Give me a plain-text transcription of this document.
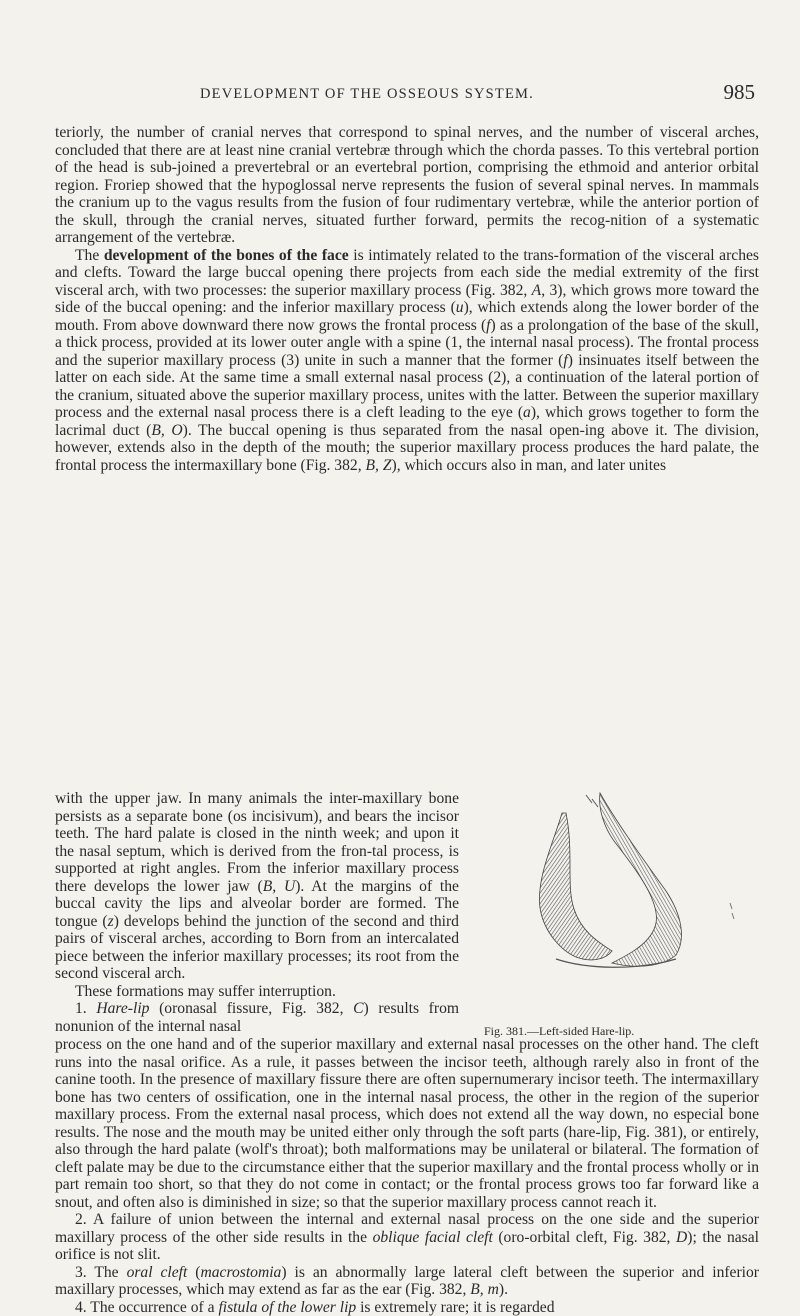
DEVELOPMENT OF THE OSSEOUS SYSTEM.	985

teriorly, the number of cranial nerves that correspond to spinal nerves, and the number of visceral arches, concluded that there are at least nine cranial vertebræ through which the chorda passes. To this vertebral portion of the head is sub-joined a prevertebral or an evertebral portion, comprising the ethmoid and anterior orbital region. Froriep showed that the hypoglossal nerve represents the fusion of several spinal nerves. In mammals the cranium up to the vagus results from the fusion of four rudimentary vertebræ, while the anterior portion of the skull, through the cranial nerves, situated further forward, permits the recog-nition of a systematic arrangement of the vertebræ.

The development of the bones of the face is intimately related to the trans-formation of the visceral arches and clefts. Toward the large buccal opening there projects from each side the medial extremity of the first visceral arch, with two processes: the superior maxillary process (Fig. 382, A, 3), which grows more toward the side of the buccal opening: and the inferior maxillary process (u), which extends along the lower border of the mouth. From above downward there now grows the frontal process (f) as a prolongation of the base of the skull, a thick process, provided at its lower outer angle with a spine (1, the internal nasal process). The frontal process and the superior maxillary process (3) unite in such a manner that the former (f) insinuates itself between the latter on each side. At the same time a small external nasal process (2), a continuation of the lateral portion of the cranium, situated above the superior maxillary process, unites with the latter. Between the superior maxillary process and the external nasal process there is a cleft leading to the eye (a), which grows together to form the lacrimal duct (B, O). The buccal opening is thus separated from the nasal open-ing above it. The division, however, extends also in the depth of the mouth; the superior maxillary process produces the hard palate, the frontal process the intermaxillary bone (Fig. 382, B, Z), which occurs also in man, and later unites

with the upper jaw. In many animals the inter-maxillary bone persists as a separate bone (os incisivum), and bears the incisor teeth. The hard palate is closed in the ninth week; and upon it the nasal septum, which is derived from the fron-tal process, is supported at right angles. From the inferior maxillary process there develops the lower jaw (B, U). At the margins of the buccal cavity the lips and alveolar border are formed. The tongue (z) develops behind the junction of the second and third pairs of visceral arches, according to Born from an intercalated piece between the inferior maxillary processes; its root from the second visceral arch.

These formations may suffer interruption.

1. Hare-lip (oronasal fissure, Fig. 382, C) results from nonunion of the internal nasal

process on the one hand and of the superior maxillary and external nasal processes on the other hand. The cleft runs into the nasal orifice. As a rule, it passes between the incisor teeth, although rarely also in front of the canine tooth. In the presence of maxillary fissure there are often supernumerary incisor teeth. The intermaxillary bone has two centers of ossification, one in the internal nasal process, the other in the region of the superior maxillary process. From the external nasal process, which does not extend all the way down, no especial bone results. The nose and the mouth may be united either only through the soft parts (hare-lip, Fig. 381), or entirely, also through the hard palate (wolf's throat); both malformations may be unilateral or bilateral. The formation of cleft palate may be due to the circumstance either that the superior maxillary and the frontal process wholly or in part remain too short, so that they do not come in contact; or the frontal process grows too far forward like a snout, and often also is diminished in size; so that the superior maxillary process cannot reach it.

2. A failure of union between the internal and external nasal process on the one side and the superior maxillary process of the other side results in the oblique facial cleft (oro-orbital cleft, Fig. 382, D); the nasal orifice is not slit.

3. The oral cleft (macrostomia) is an abnormally large lateral cleft between the superior and inferior maxillary processes, which may extend as far as the ear (Fig. 382, B, m).

4. The occurrence of a fistula of the lower lip is extremely rare; it is regarded

Fig. 381.—Left-sided Hare-lip.
